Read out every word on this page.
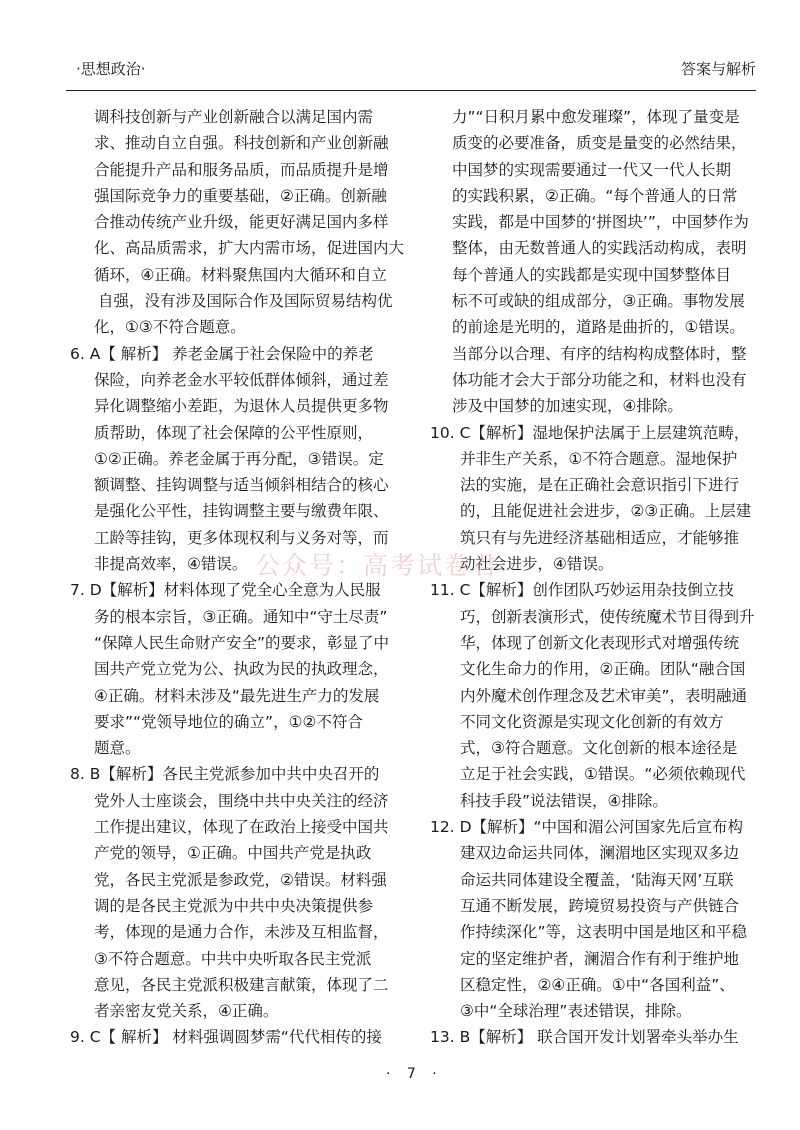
·思想政治·	答案与解析
调科技创新与产业创新融合以满足国内需
求、推动自立自强。科技创新和产业创新融
合能提升产品和服务品质，而品质提升是增
强国际竞争力的重要基础，②正确。创新融
合推动传统产业升级，能更好满足国内多样
化、高品质需求，扩大内需市场，促进国内大
循环，④正确。材料聚焦国内大循环和自立
自强，没有涉及国际合作及国际贸易结构优
化，①③不符合题意。
6. A【 解析】 养老金属于社会保险中的养老
保险，向养老金水平较低群体倾斜，通过差
异化调整缩小差距，为退休人员提供更多物
质帮助，体现了社会保障的公平性原则，
①②正确。养老金属于再分配，③错误。定
额调整、挂钩调整与适当倾斜相结合的核心
是强化公平性，挂钩调整主要与缴费年限、
工龄等挂钩，更多体现权利与义务对等，而
非提高效率，④错误。
7. D【解析】材料体现了党全心全意为人民服
务的根本宗旨，③正确。通知中“守土尽责”
“保障人民生命财产安全”的要求，彰显了中
国共产党立党为公、执政为民的执政理念，
④正确。材料未涉及“最先进生产力的发展
要求”“党领导地位的确立”，①②不符合
题意。
8. B【解析】各民主党派参加中共中央召开的
党外人士座谈会，围绕中共中央关注的经济
工作提出建议，体现了在政治上接受中国共
产党的领导，①正确。中国共产党是执政
党，各民主党派是参政党，②错误。材料强
调的是各民主党派为中共中央决策提供参
考，体现的是通力合作，未涉及互相监督，
③不符合题意。中共中央听取各民主党派
意见，各民主党派积极建言献策，体现了二
者亲密友党关系，④正确。
9. C【 解析】 材料强调圆梦需“代代相传的接
力”“日积月累中愈发璀璨”，体现了量变是
质变的必要准备，质变是量变的必然结果，
中国梦的实现需要通过一代又一代人长期
的实践积累，②正确。“每个普通人的日常
实践，都是中国梦的‘拼图块’”，中国梦作为
整体，由无数普通人的实践活动构成，表明
每个普通人的实践都是实现中国梦整体目
标不可或缺的组成部分，③正确。事物发展
的前途是光明的，道路是曲折的，①错误。
当部分以合理、有序的结构构成整体时，整
体功能才会大于部分功能之和，材料也没有
涉及中国梦的加速实现，④排除。
10. C【解析】湿地保护法属于上层建筑范畴，
并非生产关系，①不符合题意。湿地保护
法的实施，是在正确社会意识指引下进行
的，且能促进社会进步，②③正确。上层建
筑只有与先进经济基础相适应，才能够推
动社会进步，④错误。
11. C【解析】创作团队巧妙运用杂技倒立技
巧，创新表演形式，使传统魔术节目得到升
华，体现了创新文化表现形式对增强传统
文化生命力的作用，②正确。团队“融合国
内外魔术创作理念及艺术审美”，表明融通
不同文化资源是实现文化创新的有效方
式，③符合题意。文化创新的根本途径是
立足于社会实践，①错误。“必须依赖现代
科技手段”说法错误，④排除。
12. D【解析】“中国和湄公河国家先后宣布构
建双边命运共同体，澜湄地区实现双多边
命运共同体建设全覆盖，‘陆海天网’互联
互通不断发展，跨境贸易投资与产供链合
作持续深化”等，这表明中国是地区和平稳
定的坚定维护者，澜湄合作有利于维护地
区稳定性，②④正确。①中“各国利益”、
③中“全球治理”表述错误，排除。
13. B【解析】 联合国开发计划署牵头举办生
公众号：高考试卷君
· 7 ·
